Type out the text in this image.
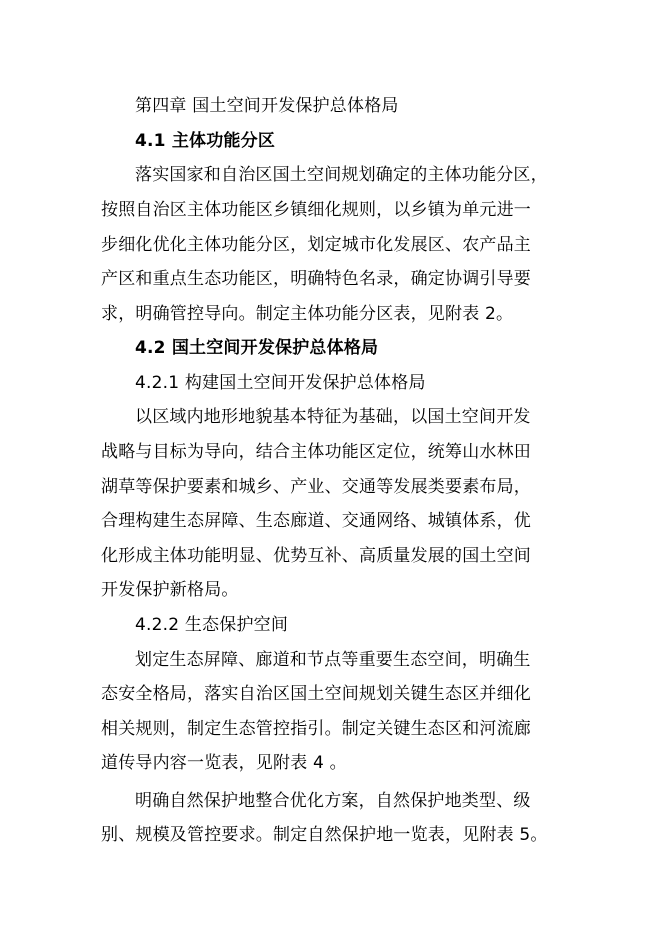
第四章 国土空间开发保护总体格局
4.1 主体功能分区
落实国家和自治区国土空间规划确定的主体功能分区，
按照自治区主体功能区乡镇细化规则，以乡镇为单元进一
步细化优化主体功能分区，划定城市化发展区、农产品主
产区和重点生态功能区，明确特色名录，确定协调引导要
求，明确管控导向。制定主体功能分区表，见附表 2。
4.2 国土空间开发保护总体格局
4.2.1 构建国土空间开发保护总体格局
以区域内地形地貌基本特征为基础，以国土空间开发
战略与目标为导向，结合主体功能区定位，统筹山水林田
湖草等保护要素和城乡、产业、交通等发展类要素布局，
合理构建生态屏障、生态廊道、交通网络、城镇体系，优
化形成主体功能明显、优势互补、高质量发展的国土空间
开发保护新格局。
4.2.2 生态保护空间
划定生态屏障、廊道和节点等重要生态空间，明确生
态安全格局，落实自治区国土空间规划关键生态区并细化
相关规则，制定生态管控指引。制定关键生态区和河流廊
道传导内容一览表，见附表 4 。
明确自然保护地整合优化方案，自然保护地类型、级
别、规模及管控要求。制定自然保护地一览表，见附表 5。
